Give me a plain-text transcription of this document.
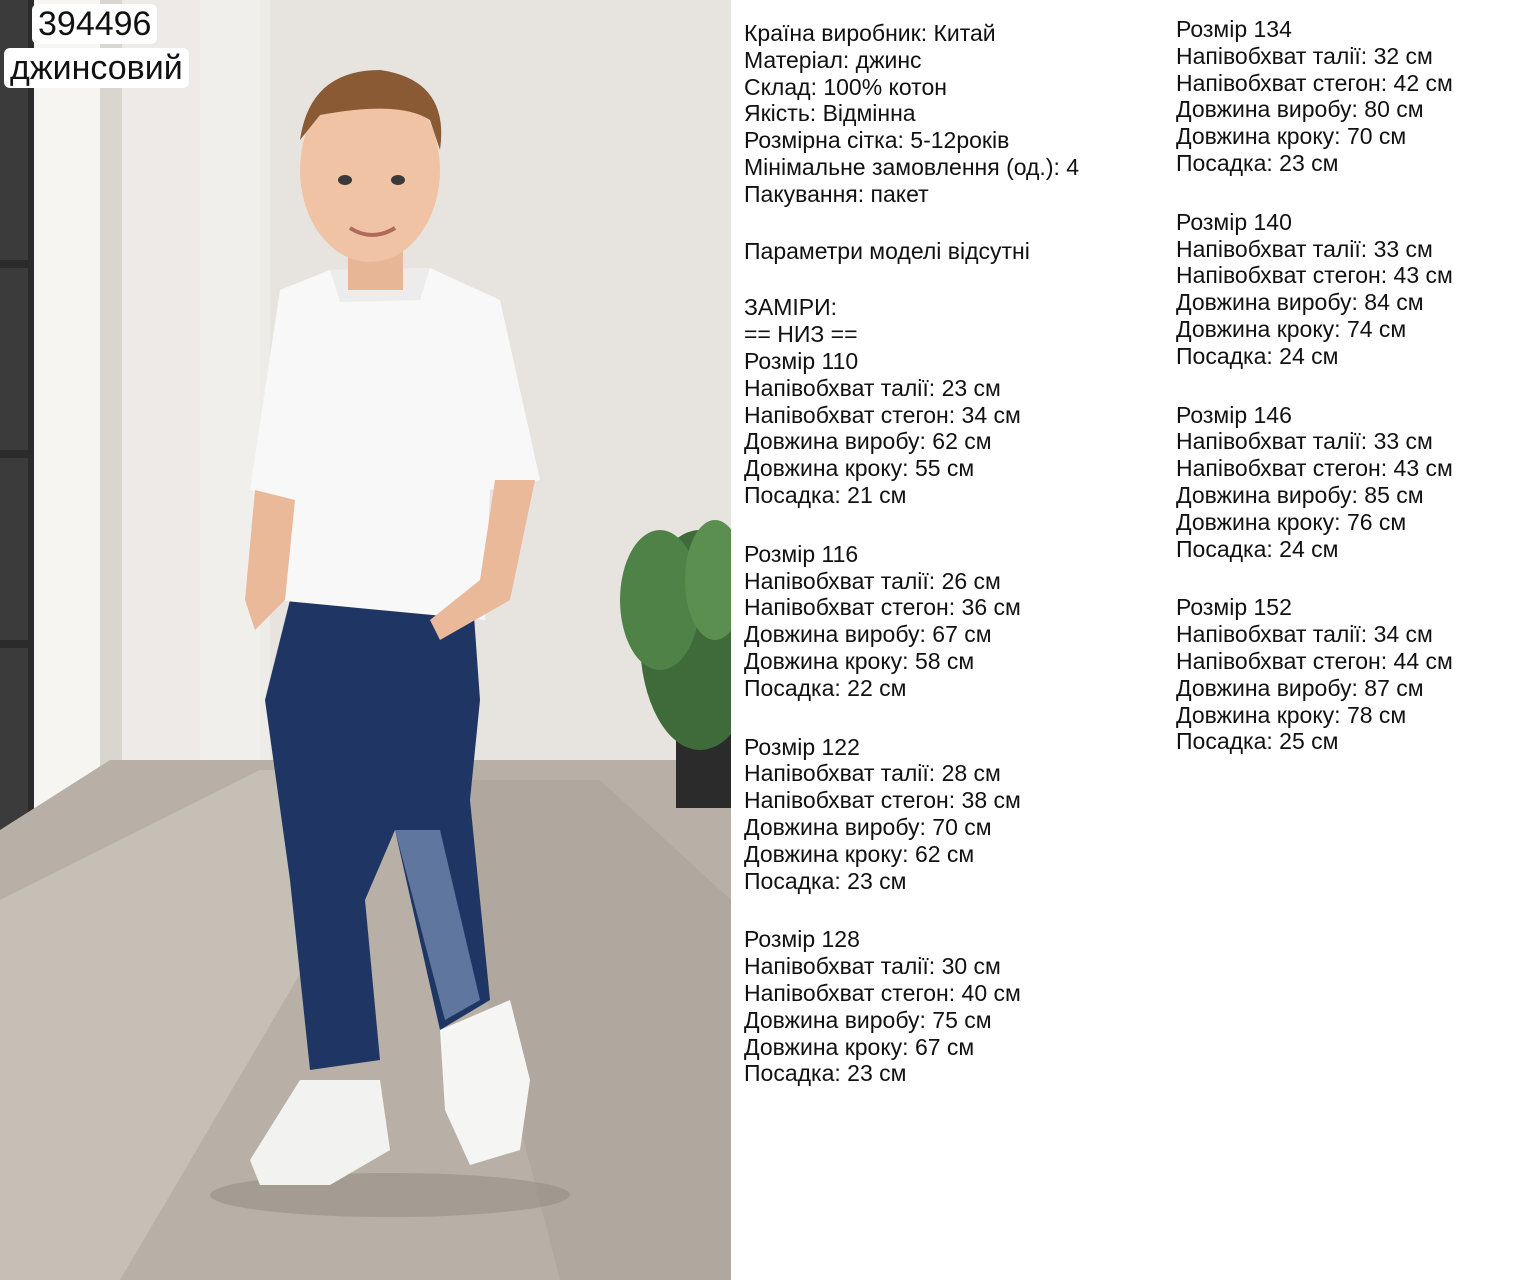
394496
джинсовий
Країна виробник: Китай
Матеріал: джинс
Склад: 100% котон
Якість: Відмінна
Розмірна сітка: 5-12років
Мінімальне замовлення (од.): 4
Пакування: пакет
Параметри моделі відсутні
ЗАМІРИ:
== НИЗ ==
Розмір 110
Напівобхват талії: 23 см
Напівобхват стегон: 34 см
Довжина виробу: 62 см
Довжина кроку: 55 см
Посадка: 21 см
Розмір 116
Напівобхват талії: 26 см
Напівобхват стегон: 36 см
Довжина виробу: 67 см
Довжина кроку: 58 см
Посадка: 22 см
Розмір 122
Напівобхват талії: 28 см
Напівобхват стегон: 38 см
Довжина виробу: 70 см
Довжина кроку: 62 см
Посадка: 23 см
Розмір 128
Напівобхват талії: 30 см
Напівобхват стегон: 40 см
Довжина виробу: 75 см
Довжина кроку: 67 см
Посадка: 23 см
Розмір 134
Напівобхват талії: 32 см
Напівобхват стегон: 42 см
Довжина виробу: 80 см
Довжина кроку: 70 см
Посадка: 23 см
Розмір 140
Напівобхват талії: 33 см
Напівобхват стегон: 43 см
Довжина виробу: 84 см
Довжина кроку: 74 см
Посадка: 24 см
Розмір 146
Напівобхват талії: 33 см
Напівобхват стегон: 43 см
Довжина виробу: 85 см
Довжина кроку: 76 см
Посадка: 24 см
Розмір 152
Напівобхват талії: 34 см
Напівобхват стегон: 44 см
Довжина виробу: 87 см
Довжина кроку: 78 см
Посадка: 25 см
